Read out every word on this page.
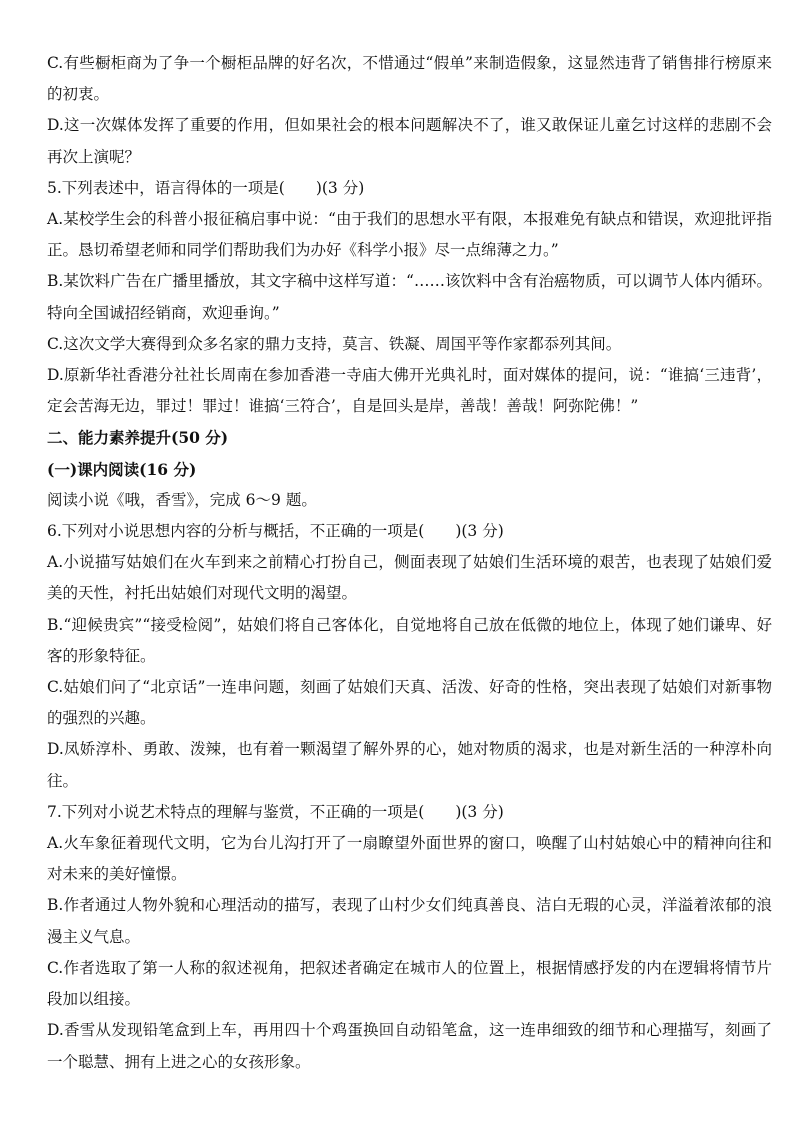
C.有些橱柜商为了争一个橱柜品牌的好名次，不惜通过“假单”来制造假象，这显然违背了销售排行榜原来的初衷。

D.这一次媒体发挥了重要的作用，但如果社会的根本问题解决不了，谁又敢保证儿童乞讨这样的悲剧不会再次上演呢？

5.下列表述中，语言得体的一项是(　　)(3 分)

A.某校学生会的科普小报征稿启事中说：“由于我们的思想水平有限，本报难免有缺点和错误，欢迎批评指正。恳切希望老师和同学们帮助我们为办好《科学小报》尽一点绵薄之力。”

B.某饮料广告在广播里播放，其文字稿中这样写道：“……该饮料中含有治癌物质，可以调节人体内循环。特向全国诚招经销商，欢迎垂询。”

C.这次文学大赛得到众多名家的鼎力支持，莫言、铁凝、周国平等作家都忝列其间。

D.原新华社香港分社社长周南在参加香港一寺庙大佛开光典礼时，面对媒体的提问，说：“谁搞‘三违背’，定会苦海无边，罪过！罪过！谁搞‘三符合’，自是回头是岸，善哉！善哉！阿弥陀佛！”

二、能力素养提升(50 分)

(一)课内阅读(16 分)

阅读小说《哦，香雪》，完成 6～9 题。

6.下列对小说思想内容的分析与概括，不正确的一项是(　　)(3 分)

A.小说描写姑娘们在火车到来之前精心打扮自己，侧面表现了姑娘们生活环境的艰苦，也表现了姑娘们爱美的天性，衬托出姑娘们对现代文明的渴望。

B.“迎候贵宾”“接受检阅”，姑娘们将自己客体化，自觉地将自己放在低微的地位上，体现了她们谦卑、好客的形象特征。

C.姑娘们问了“北京话”一连串问题，刻画了姑娘们天真、活泼、好奇的性格，突出表现了姑娘们对新事物的强烈的兴趣。

D.凤娇淳朴、勇敢、泼辣，也有着一颗渴望了解外界的心，她对物质的渴求，也是对新生活的一种淳朴向往。

7.下列对小说艺术特点的理解与鉴赏，不正确的一项是(　　)(3 分)

A.火车象征着现代文明，它为台儿沟打开了一扇瞭望外面世界的窗口，唤醒了山村姑娘心中的精神向往和对未来的美好憧憬。

B.作者通过人物外貌和心理活动的描写，表现了山村少女们纯真善良、洁白无瑕的心灵，洋溢着浓郁的浪漫主义气息。

C.作者选取了第一人称的叙述视角，把叙述者确定在城市人的位置上，根据情感抒发的内在逻辑将情节片段加以组接。

D.香雪从发现铅笔盒到上车，再用四十个鸡蛋换回自动铅笔盒，这一连串细致的细节和心理描写，刻画了一个聪慧、拥有上进之心的女孩形象。
